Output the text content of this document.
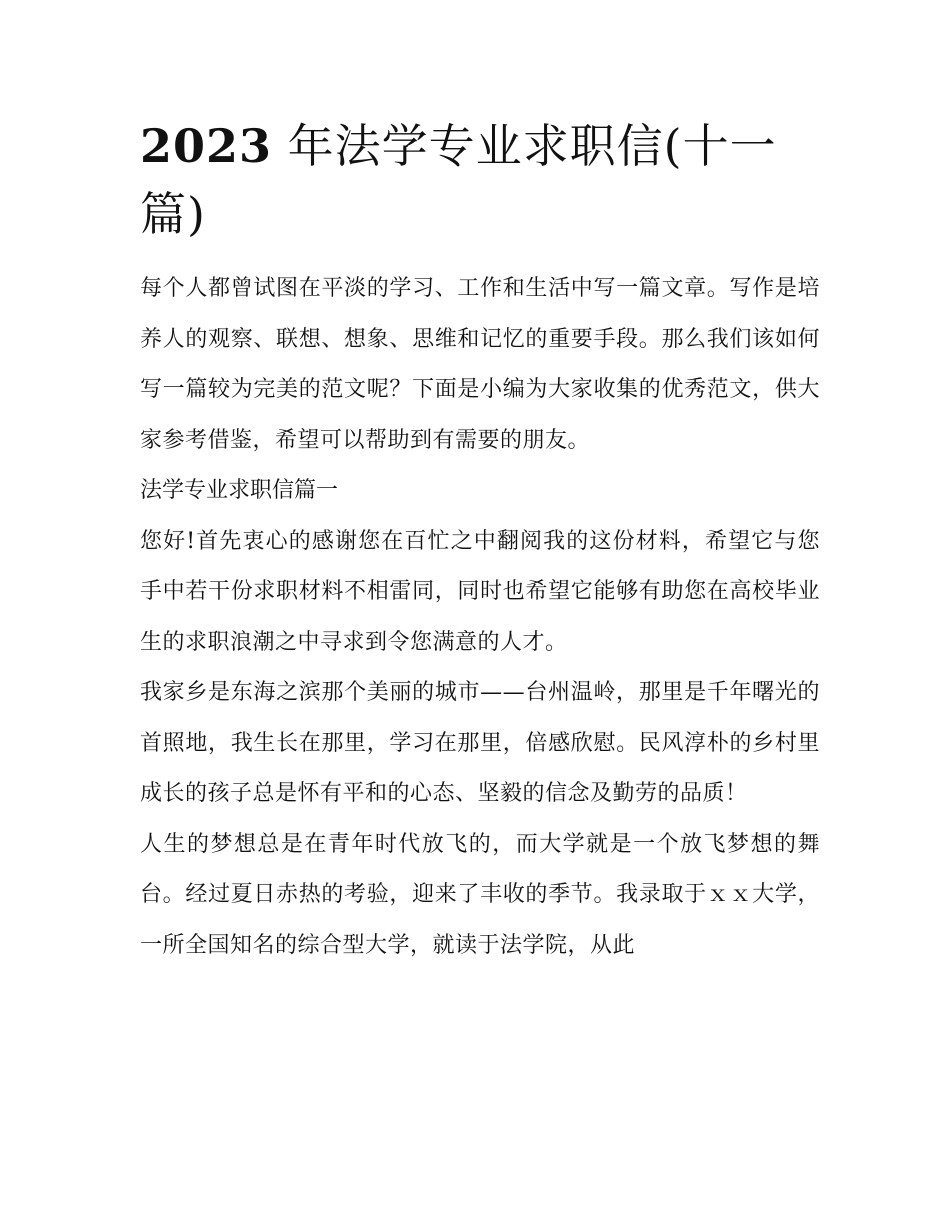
2023 年法学专业求职信(十一篇)

每个人都曾试图在平淡的学习、工作和生活中写一篇文章。写作是培养人的观察、联想、想象、思维和记忆的重要手段。那么我们该如何写一篇较为完美的范文呢？下面是小编为大家收集的优秀范文，供大家参考借鉴，希望可以帮助到有需要的朋友。

法学专业求职信篇一

您好!首先衷心的感谢您在百忙之中翻阅我的这份材料，希望它与您手中若干份求职材料不相雷同，同时也希望它能够有助您在高校毕业生的求职浪潮之中寻求到令您满意的人才。

我家乡是东海之滨那个美丽的城市——台州温岭，那里是千年曙光的首照地，我生长在那里，学习在那里，倍感欣慰。民风淳朴的乡村里成长的孩子总是怀有平和的心态、坚毅的信念及勤劳的品质！

人生的梦想总是在青年时代放飞的，而大学就是一个放飞梦想的舞台。经过夏日赤热的考验，迎来了丰收的季节。我录取于ｘｘ大学，一所全国知名的综合型大学，就读于法学院，从此
